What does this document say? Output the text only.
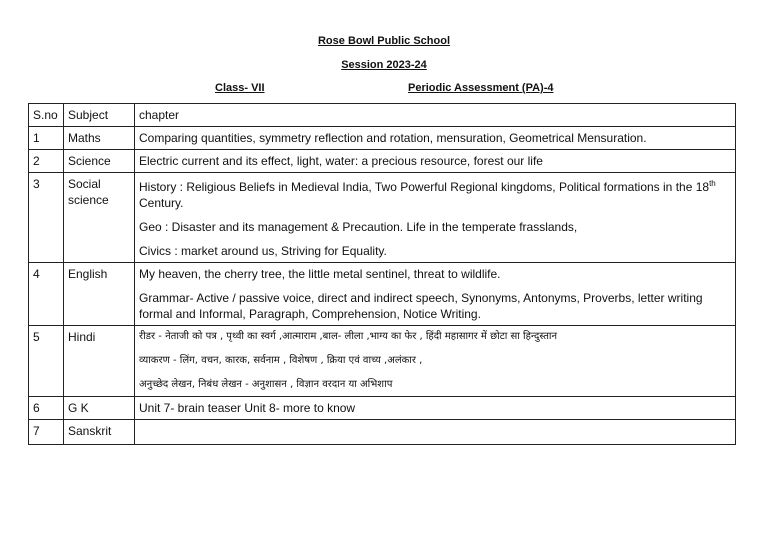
Rose Bowl Public School
Session 2023-24
Class- VII	Periodic Assessment (PA)-4
S.no	Subject	chapter
1	Maths	Comparing quantities, symmetry reflection and rotation, mensuration, Geometrical Mensuration.

2	Science	Electric current and its effect, light, water: a precious resource, forest our life

3	Social science	History : Religious Beliefs in Medieval India, Two Powerful Regional kingdoms, Political formations in the 18th Century.
Geo : Disaster and its management & Precaution. Life in the temperate frasslands,
Civics : market around us, Striving for Equality.

4	English	My heaven, the cherry tree, the little metal sentinel, threat to wildlife.
Grammar- Active / passive voice, direct and indirect speech, Synonyms, Antonyms, Proverbs, letter writing formal and Informal, Paragraph, Comprehension, Notice Writing.

5	Hindi	रीडर - नेताजी को पत्र , पृथ्वी का स्वर्ग ,आत्माराम ,बाल- लीला ,भाग्य का फेर , हिंदी महासागर में छोटा सा हिन्दुस्तान
व्याकरण - लिंग, वचन, कारक, सर्वनाम , विशेषण , क्रिया एवं वाच्य ,अलंकार ,
अनुच्छेद लेखन, निबंध लेखन - अनुशासन , विज्ञान वरदान या अभिशाप

6	G K	Unit 7- brain teaser Unit 8- more to know

7	Sanskrit	
